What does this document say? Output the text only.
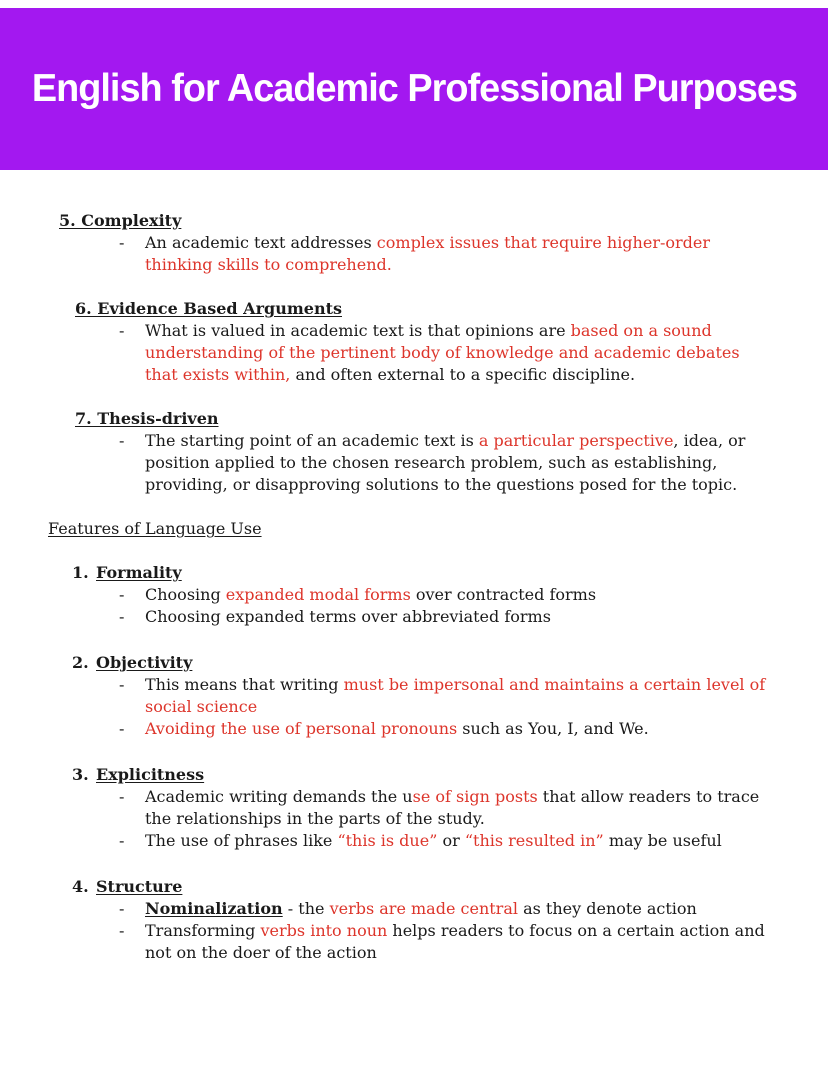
English for Academic Professional Purposes
5. Complexity
-	An academic text addresses complex issues that require higher-order thinking skills to comprehend.
6. Evidence Based Arguments
-	What is valued in academic text is that opinions are based on a sound understanding of the pertinent body of knowledge and academic debates that exists within, and often external to a specific discipline.
7. Thesis-driven
-	The starting point of an academic text is a particular perspective, idea, or position applied to the chosen research problem, such as establishing, providing, or disapproving solutions to the questions posed for the topic.
Features of Language Use
1. Formality
-	Choosing expanded modal forms over contracted forms
-	Choosing expanded terms over abbreviated forms
2. Objectivity
-	This means that writing must be impersonal and maintains a certain level of social science
-	Avoiding the use of personal pronouns such as You, I, and We.
3. Explicitness
-	Academic writing demands the use of sign posts that allow readers to trace the relationships in the parts of the study.
-	The use of phrases like “this is due” or “this resulted in” may be useful
4. Structure
-	Nominalization - the verbs are made central as they denote action
-	Transforming verbs into noun helps readers to focus on a certain action and not on the doer of the action
